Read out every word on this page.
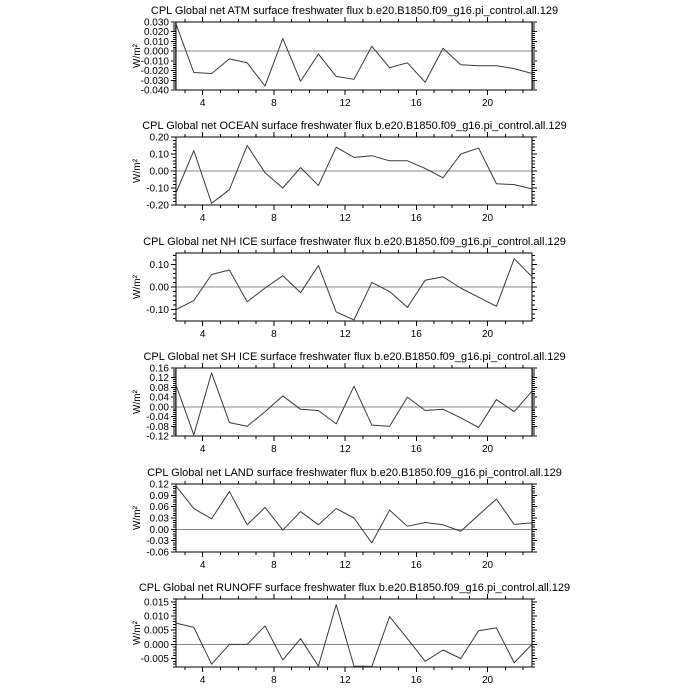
4	8	12	16	20
0.030
0.020
0.010
0.000
-0.010
-0.020
-0.030
-0.040
W/m²
4	8	12	16	20
0.20
0.10
0.00
-0.10
-0.20
W/m²
4	8	12	16	20
0.10
0.00
-0.10
W/m²
4	8	12	16	20
0.16
0.12
0.08
0.04
0.00
-0.04
-0.08
-0.12
W/m²
4	8	12	16	20
0.12
0.09
0.06
0.03
0.00
-0.03
-0.06
W/m²
4	8	12	16	20
0.015
0.010
0.005
0.000
-0.005
W/m²
CPL Global net ATM surface freshwater flux b.e20.B1850.f09_g16.pi_control.all.129
CPL Global net OCEAN surface freshwater flux b.e20.B1850.f09_g16.pi_control.all.129
CPL Global net NH ICE surface freshwater flux b.e20.B1850.f09_g16.pi_control.all.129
CPL Global net SH ICE surface freshwater flux b.e20.B1850.f09_g16.pi_control.all.129
CPL Global net LAND surface freshwater flux b.e20.B1850.f09_g16.pi_control.all.129
CPL Global net RUNOFF surface freshwater flux b.e20.B1850.f09_g16.pi_control.all.129
